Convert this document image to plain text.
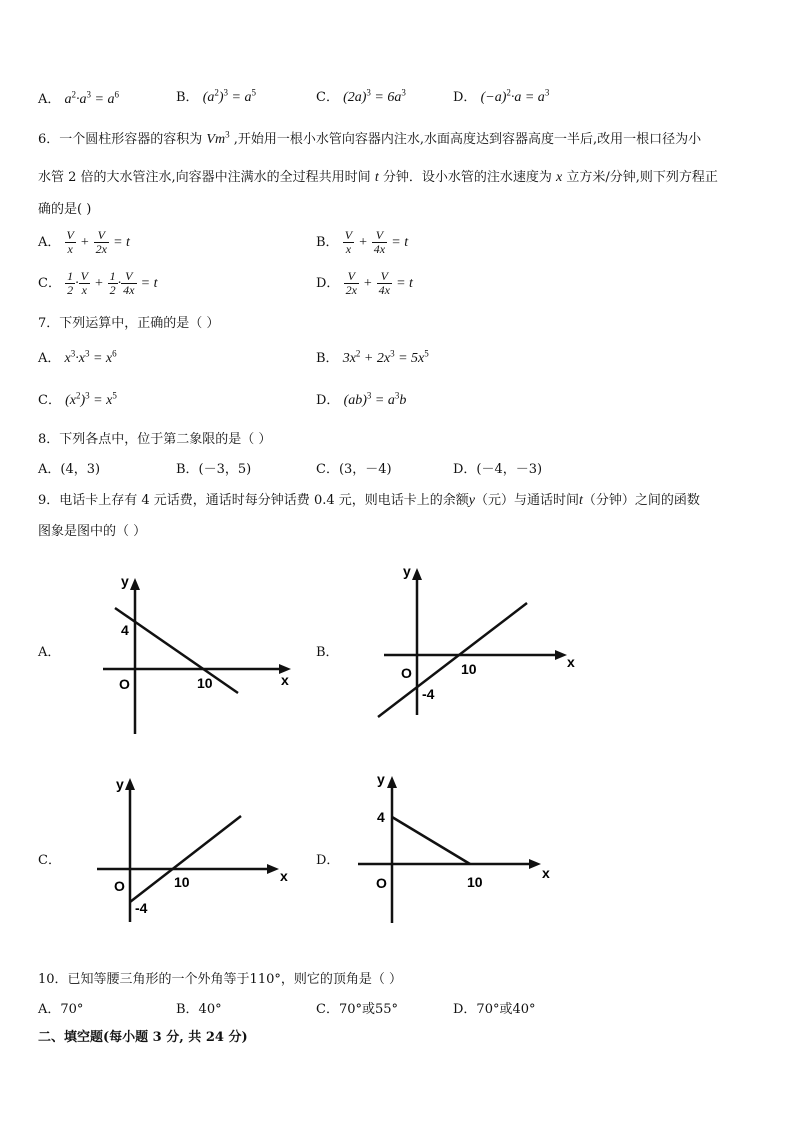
A． $a^2\cdot a^3 = a^6$	B． $(a^2)^3 = a^5$	C． $(2a)^3 = 6a^3$	D． $(-a)^2\cdot a = a^3$
6．一个圆柱形容器的容积为 Vm$^3$ ,开始用一根小水管向容器内注水,水面高度达到容器高度一半后,改用一根口径为小
水管 2 倍的大水管注水,向容器中注满水的全过程共用时间 t 分钟．设小水管的注水速度为 x 立方米/分钟,则下列方程正
确的是( )
A． $\frac{V}{x} + \frac{V}{2x} = t$	B． $\frac{V}{x} + \frac{V}{4x} = t$
C． $\frac{1}{2} \cdot \frac{V}{x} + \frac{1}{2} \cdot \frac{V}{4x} = t$	D． $\frac{V}{2x} + \frac{V}{4x} = t$
7．下列运算中，正确的是（ ）
A． $x^3\cdot x^3 = x^6$	B． $3x^2 + 2x^3 = 5x^5$
C． $(x^2)^3 = x^5$	D． $(ab)^3 = a^3b$
8．下列各点中，位于第二象限的是（ ）
A．(4，3)	B．(－3，5)	C．(3，－4)	D．(－4，－3)
9．电话卡上存有 4 元话费，通话时每分钟话费 0.4 元，则电话卡上的余额y（元）与通话时间t（分钟）之间的函数
图象是图中的（ ）
A．	B．
C．	D．
y
4
O	10	x
y
O	10
-4
x
y
O	10
-4
x
y
4
O	10
x
10．已知等腰三角形的一个外角等于110°，则它的顶角是（ ）
A．70°	B．40°	C．70°或55°	D．70°或40°
二、填空题(每小题 3 分, 共 24 分)
